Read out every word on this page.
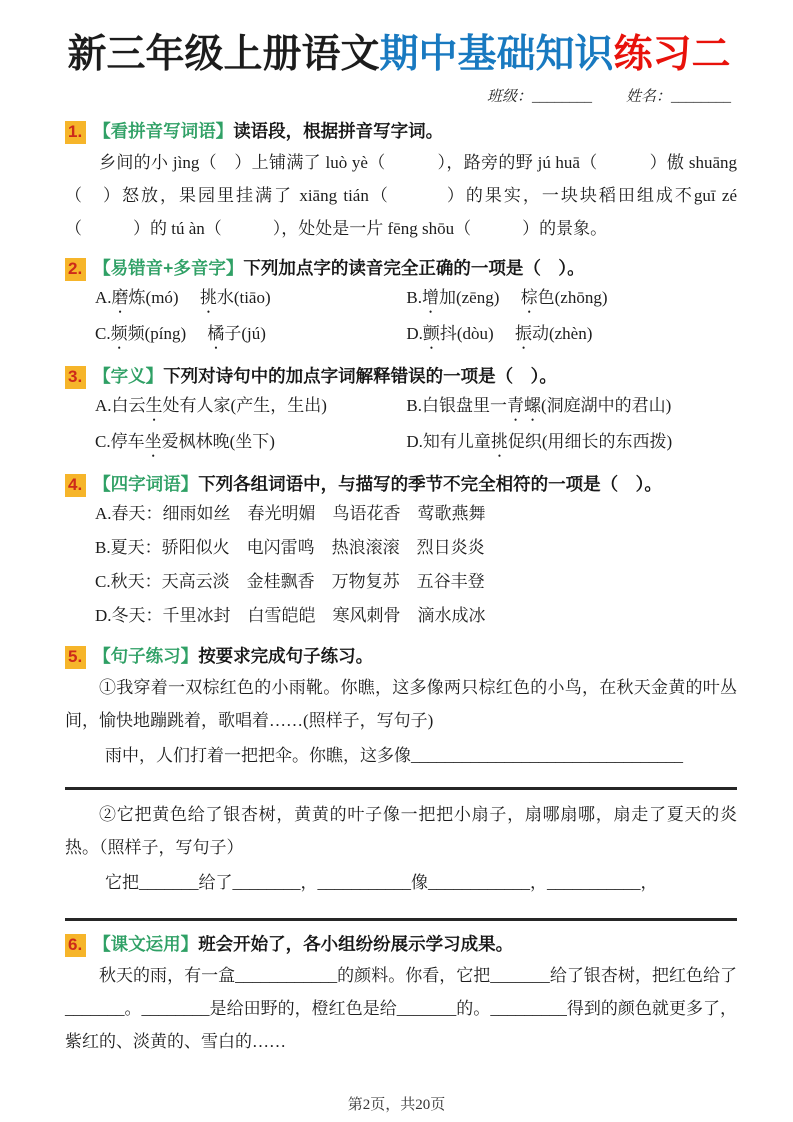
新三年级上册语文期中基础知识练习二
班级：________ 姓名：________
1. 【看拼音写词语】读语段，根据拼音写字词。

乡间的小 jìng（　）上铺满了 luò yè（　　　），路旁的野 jú huā（　　　）傲 shuāng（　）怒放，果园里挂满了 xiāng tián（　　　）的果实，一块块稻田组成不guī zé（　　　）的 tú àn（　　　），处处是一片 fēng shōu（　　　）的景象。

2. 【易错音+多音字】下列加点字的读音完全正确的一项是（　）。
A.磨炼(mó)　 挑水(tiāo)	B.增加(zēng)　 棕色(zhōng)
C.频频(píng)　 橘子(jú)	D.颤抖(dòu)　 振动(zhèn)
3. 【字义】下列对诗句中的加点字词解释错误的一项是（　）。
A.白云生处有人家(产生，生出)	B.白银盘里一青螺(洞庭湖中的君山)
C.停车坐爱枫林晚(坐下)	D.知有儿童挑促织(用细长的东西拨)
4. 【四字词语】下列各组词语中，与描写的季节不完全相符的一项是（　）。
A.春天：细雨如丝　春光明媚　鸟语花香　莺歌燕舞
B.夏天：骄阳似火　电闪雷鸣　热浪滚滚　烈日炎炎
C.秋天：天高云淡　金桂飘香　万物复苏　五谷丰登
D.冬天：千里冰封　白雪皑皑　寒风刺骨　滴水成冰
5. 【句子练习】按要求完成句子练习。

①我穿着一双棕红色的小雨靴。你瞧，这多像两只棕红色的小鸟，在秋天金黄的叶丛间，愉快地蹦跳着，歌唱着……(照样子，写句子)

雨中，人们打着一把把伞。你瞧，这多像________________________________

②它把黄色给了银杏树，黄黄的叶子像一把把小扇子，扇哪扇哪，扇走了夏天的炎热。（照样子，写句子）

它把_______给了________，___________像____________，___________，

6. 【课文运用】班会开始了，各小组纷纷展示学习成果。

秋天的雨，有一盒____________的颜料。你看，它把_______给了银杏树，把红色给了_______。________是给田野的，橙红色是给_______的。_________得到的颜色就更多了，紫红的、淡黄的、雪白的……

第2页，共20页
